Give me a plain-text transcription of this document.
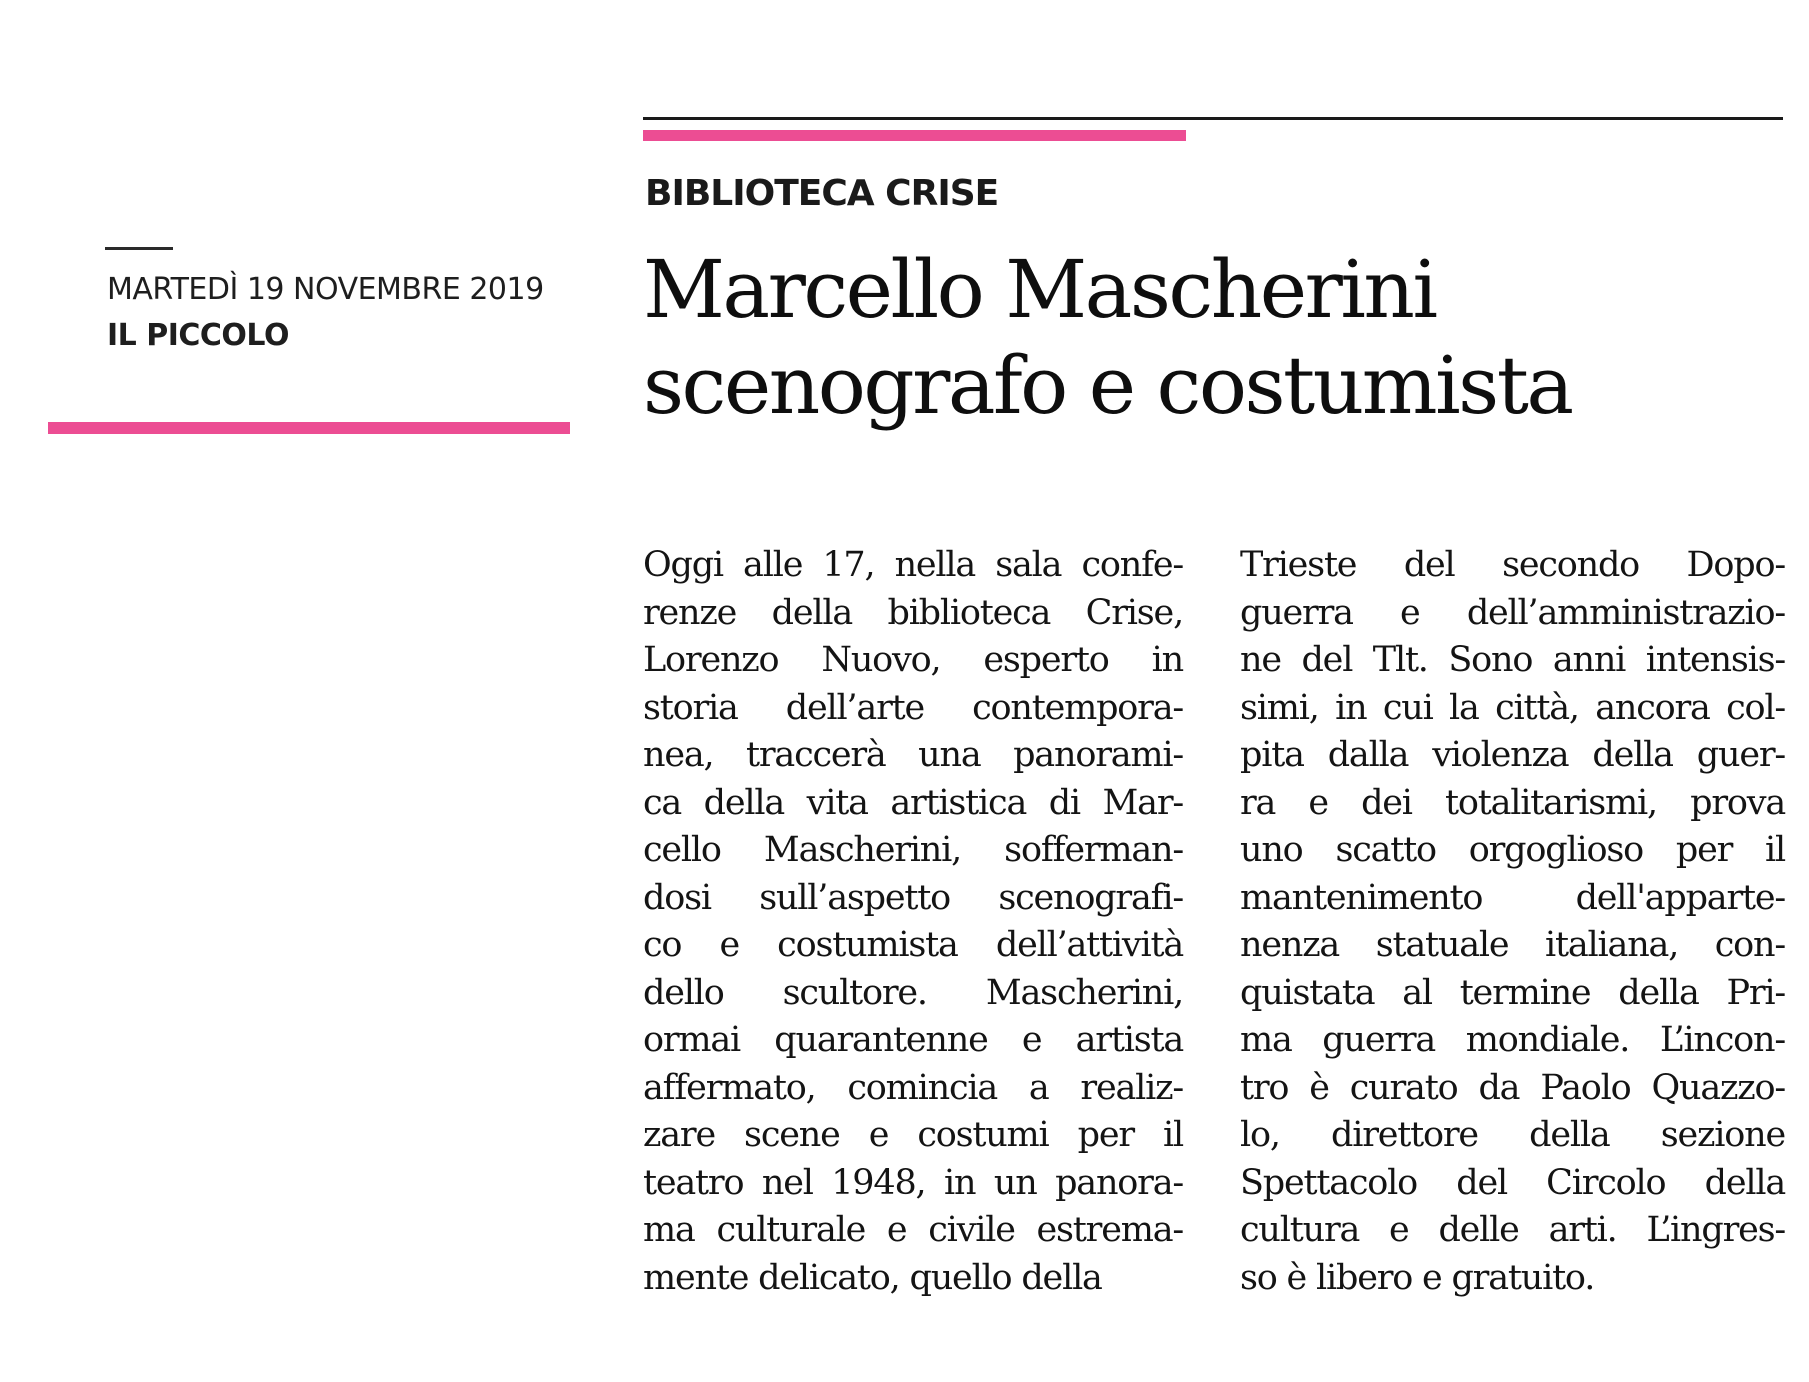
MARTEDÌ 19 NOVEMBRE 2019
IL PICCOLO
BIBLIOTECA CRISE
Marcello Mascherini
scenografo e costumista
Oggi alle 17, nella sala confe-
renze della biblioteca Crise,
Lorenzo Nuovo, esperto in
storia dell’arte contempora-
nea, traccerà una panorami-
ca della vita artistica di Mar-
cello Mascherini, sofferman-
dosi sull’aspetto scenografi-
co e costumista dell’attività
dello scultore. Mascherini,
ormai quarantenne e artista
affermato, comincia a realiz-
zare scene e costumi per il
teatro nel 1948, in un panora-
ma culturale e civile estrema-
mente delicato, quello della
Trieste del secondo Dopo-
guerra e dell’amministrazio-
ne del Tlt. Sono anni intensis-
simi, in cui la città, ancora col-
pita dalla violenza della guer-
ra e dei totalitarismi, prova
uno scatto orgoglioso per il
mantenimento dell'apparte-
nenza statuale italiana, con-
quistata al termine della Pri-
ma guerra mondiale. L’incon-
tro è curato da Paolo Quazzo-
lo, direttore della sezione
Spettacolo del Circolo della
cultura e delle arti. L’ingres-
so è libero e gratuito.
